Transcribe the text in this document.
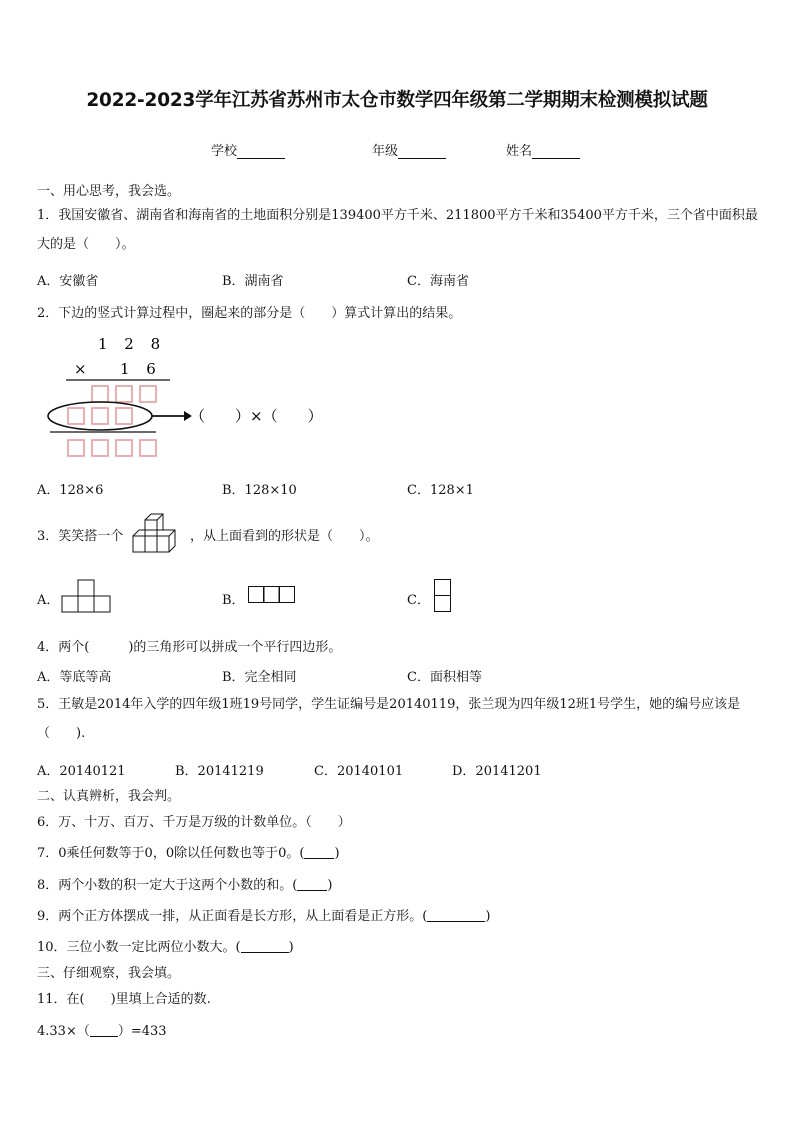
2022-2023学年江苏省苏州市太仓市数学四年级第二学期期末检测模拟试题
学校	年级	姓名
一、用心思考，我会选。
1．我国安徽省、湖南省和海南省的土地面积分别是139400平方千米、211800平方千米和35400平方千米，三个省中面积最大的是（　　）。
A．安徽省	B．湖南省	C．海南省
2．下边的竖式计算过程中，圈起来的部分是（　　）算式计算出的结果。
1 2 8
× 1 6
（　　）×（　　）
A．128×6	B．128×10	C．128×1
3．笑笑搭一个	，从上面看到的形状是（　　）。
A．	B．	C．
4．两个(　　　)的三角形可以拼成一个平行四边形。
A．等底等高	B．完全相同	C．面积相等
5．王敏是2014年入学的四年级1班19号同学，学生证编号是20140119，张兰现为四年级12班1号学生，她的编号应该是（　　).
A．20140121	B．20141219	C．20140101	D．20141201
二、认真辨析，我会判。
6．万、十万、百万、千万是万级的计数单位。（　　）
7．0乘任何数等于0，0除以任何数也等于0。( )
8．两个小数的积一定大于这两个小数的和。( )
9．两个正方体摆成一排，从正面看是长方形，从上面看是正方形。(	)
10．三位小数一定比两位小数大。(	)
三、仔细观察，我会填。
11．在(　　)里填上合适的数.
4.33×（ ）=433
